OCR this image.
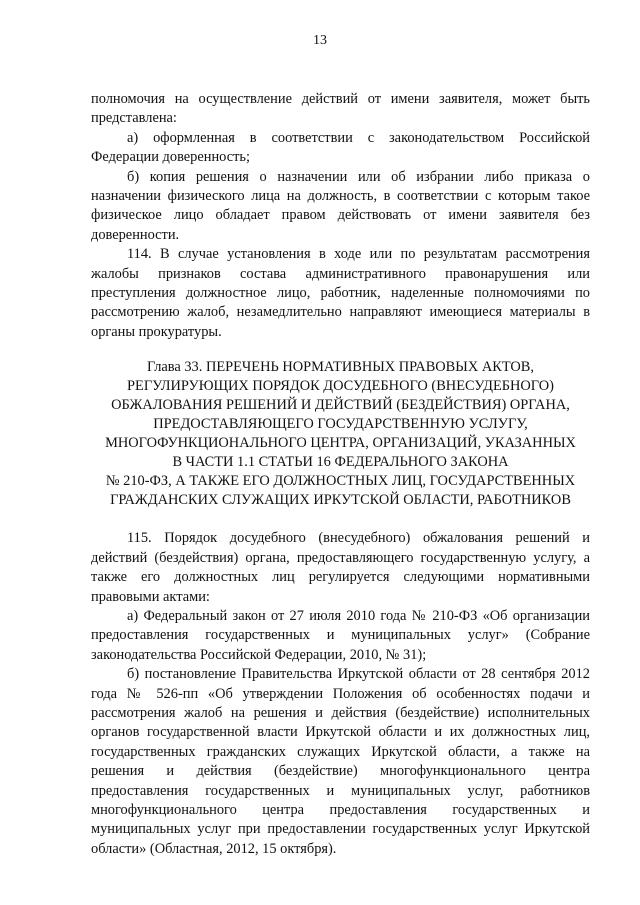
13

полномочия на осуществление действий от имени заявителя, может быть представлена:

а) оформленная в соответствии с законодательством Российской Федерации доверенность;

б) копия решения о назначении или об избрании либо приказа о назначении физического лица на должность, в соответствии с которым такое физическое лицо обладает правом действовать от имени заявителя без доверенности.

114. В случае установления в ходе или по результатам рассмотрения жалобы признаков состава административного правонарушения или преступления должностное лицо, работник, наделенные полномочиями по рассмотрению жалоб, незамедлительно направляют имеющиеся материалы в органы прокуратуры.

Глава 33. ПЕРЕЧЕНЬ НОРМАТИВНЫХ ПРАВОВЫХ АКТОВ,
РЕГУЛИРУЮЩИХ ПОРЯДОК ДОСУДЕБНОГО (ВНЕСУДЕБНОГО)
ОБЖАЛОВАНИЯ РЕШЕНИЙ И ДЕЙСТВИЙ (БЕЗДЕЙСТВИЯ) ОРГАНА,
ПРЕДОСТАВЛЯЮЩЕГО ГОСУДАРСТВЕННУЮ УСЛУГУ,
МНОГОФУНКЦИОНАЛЬНОГО ЦЕНТРА, ОРГАНИЗАЦИЙ, УКАЗАННЫХ
В ЧАСТИ 1.1 СТАТЬИ 16 ФЕДЕРАЛЬНОГО ЗАКОНА
№ 210-ФЗ, А ТАКЖЕ ЕГО ДОЛЖНОСТНЫХ ЛИЦ, ГОСУДАРСТВЕННЫХ
ГРАЖДАНСКИХ СЛУЖАЩИХ ИРКУТСКОЙ ОБЛАСТИ, РАБОТНИКОВ

115. Порядок досудебного (внесудебного) обжалования решений и действий (бездействия) органа, предоставляющего государственную услугу, а также его должностных лиц регулируется следующими нормативными правовыми актами:

а) Федеральный закон от 27 июля 2010 года № 210-ФЗ «Об организации предоставления государственных и муниципальных услуг» (Собрание законодательства Российской Федерации, 2010, № 31);

б) постановление Правительства Иркутской области от 28 сентября 2012 года № 526-пп «Об утверждении Положения об особенностях подачи и рассмотрения жалоб на решения и действия (бездействие) исполнительных органов государственной власти Иркутской области и их должностных лиц, государственных гражданских служащих Иркутской области, а также на решения и действия (бездействие) многофункционального центра предоставления государственных и муниципальных услуг, работников многофункционального центра предоставления государственных и муниципальных услуг при предоставлении государственных услуг Иркутской области» (Областная, 2012, 15 октября).
